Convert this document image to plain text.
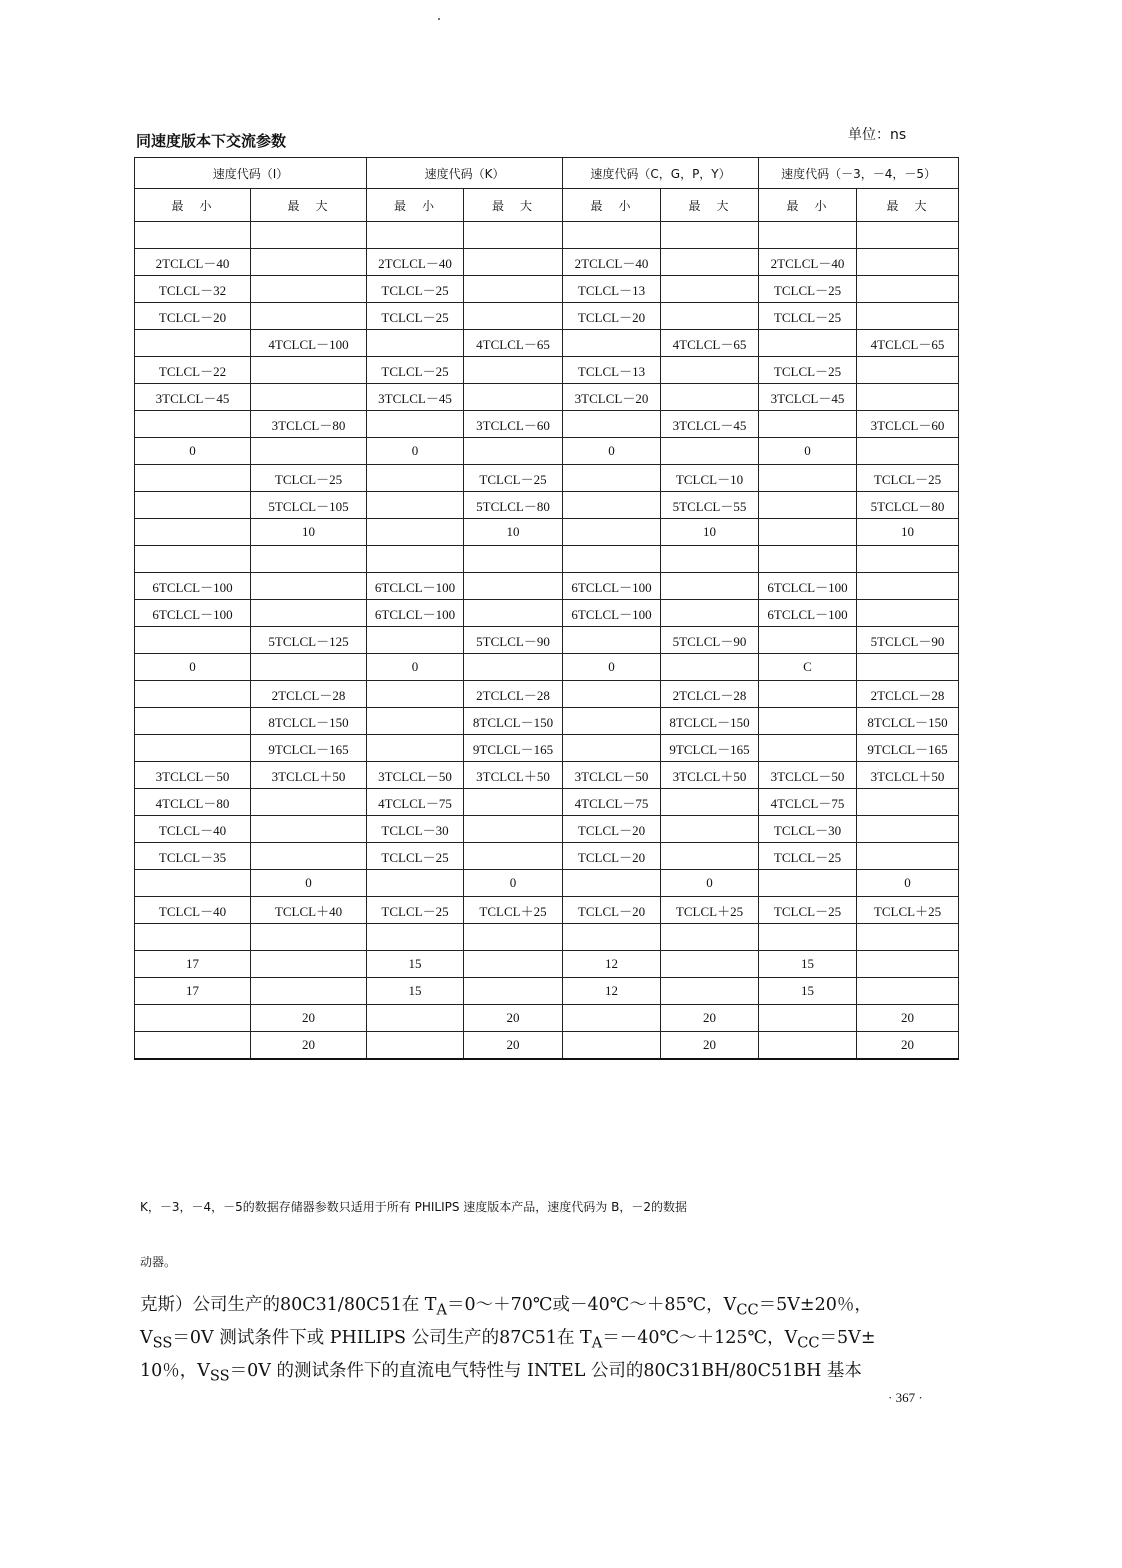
同速度版本下交流参数	单位：ns
速度代码（I）		速度代码（K）		速度代码（C，G，P，Y）		速度代码（－3，－4，－5）	
最　小	最　大	最　小	最　大	最　小	最　大	最　小	最　大

2TCLCL－40		2TCLCL－40		2TCLCL－40		2TCLCL－40	
TCLCL－32		TCLCL－25		TCLCL－13		TCLCL－25	
TCLCL－20		TCLCL－25		TCLCL－20		TCLCL－25	
	4TCLCL－100		4TCLCL－65		4TCLCL－65		4TCLCL－65
TCLCL－22		TCLCL－25		TCLCL－13		TCLCL－25	
3TCLCL－45		3TCLCL－45		3TCLCL－20		3TCLCL－45	
	3TCLCL－80		3TCLCL－60		3TCLCL－45		3TCLCL－60
0		0		0		0	
	TCLCL－25		TCLCL－25		TCLCL－10		TCLCL－25
	5TCLCL－105		5TCLCL－80		5TCLCL－55		5TCLCL－80
	10		10		10		10

6TCLCL－100		6TCLCL－100		6TCLCL－100		6TCLCL－100	
6TCLCL－100		6TCLCL－100		6TCLCL－100		6TCLCL－100	
	5TCLCL－125		5TCLCL－90		5TCLCL－90		5TCLCL－90
0		0		0		C	
	2TCLCL－28		2TCLCL－28		2TCLCL－28		2TCLCL－28
	8TCLCL－150		8TCLCL－150		8TCLCL－150		8TCLCL－150
	9TCLCL－165		9TCLCL－165		9TCLCL－165		9TCLCL－165
3TCLCL－50	3TCLCL＋50	3TCLCL－50	3TCLCL＋50	3TCLCL－50	3TCLCL＋50	3TCLCL－50	3TCLCL＋50
4TCLCL－80		4TCLCL－75		4TCLCL－75		4TCLCL－75	
TCLCL－40		TCLCL－30		TCLCL－20		TCLCL－30	
TCLCL－35		TCLCL－25		TCLCL－20		TCLCL－25	
	0		0		0		0
TCLCL－40	TCLCL＋40	TCLCL－25	TCLCL＋25	TCLCL－20	TCLCL＋25	TCLCL－25	TCLCL＋25

17		15		12		15	
17		15		12		15	
	20		20		20		20
	20		20		20		20
K，－3，－4，－5的数据存储器参数只适用于所有 PHILIPS 速度版本产品，速度代码为 B，－2的数据
动器。
克斯）公司生产的80C31/80C51在 $T_A=0\sim+70℃$或－40℃～＋85℃，$V_{CC}=5V\pm 20$％，
$V_{SS}=0V$ 测试条件下或 PHILIPS 公司生产的87C51在 $T_A=-40℃\sim+125℃$，$V_{CC}=5V\pm$
10％，$V_{SS}=0V$ 的测试条件下的直流电气特性与 INTEL 公司的80C31BH/80C51BH 基本
· 367 ·
